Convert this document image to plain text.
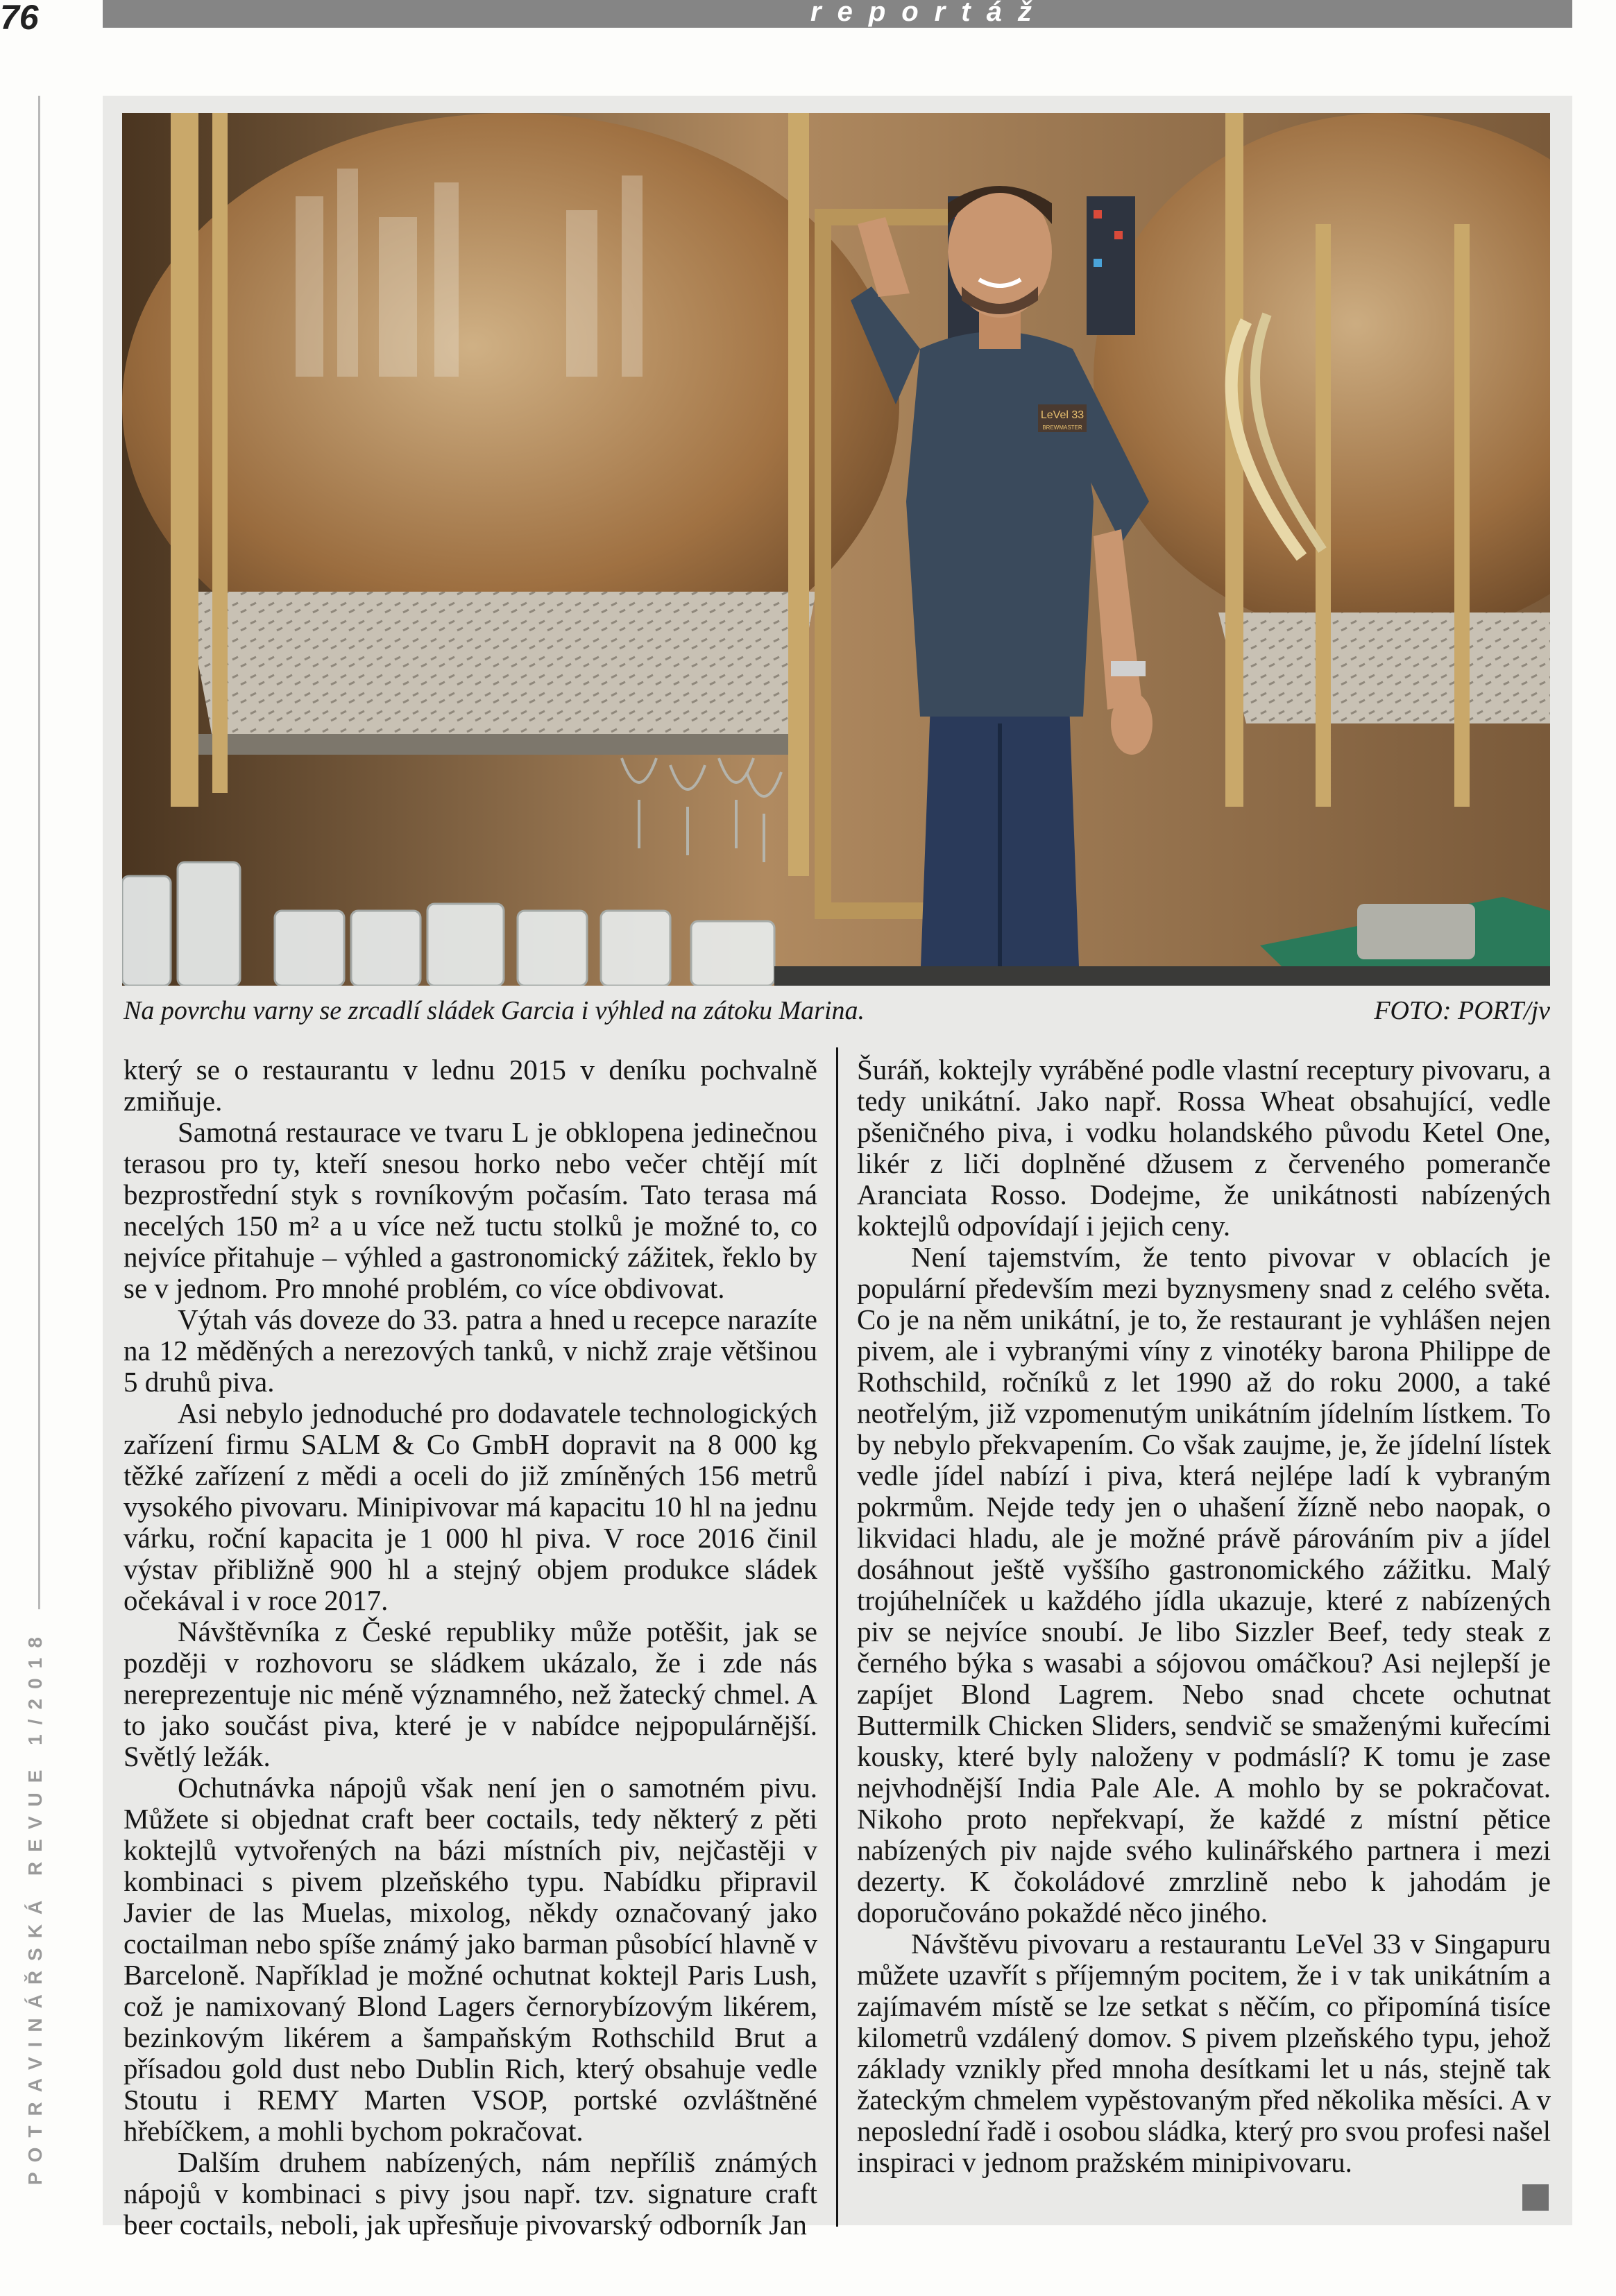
76	reportáž
POTRAVINÁŘSKÁ REVUE 1/2018
LeVel 33
BREWMASTER
Na povrchu varny se zrcadlí sládek Garcia i výhled na zátoku Marina.	FOTO: PORT/jv

který se o restaurantu v lednu 2015 v deníku pochvalně zmiňuje.

Samotná restaurace ve tvaru L je obklopena jedinečnou terasou pro ty, kteří snesou horko nebo večer chtějí mít bezprostřední styk s rovníkovým počasím. Tato terasa má necelých 150 m² a u více než tuctu stolků je možné to, co nejvíce přitahuje – výhled a gastronomický zážitek, řeklo by se v jednom. Pro mnohé problém, co více obdivovat.

Výtah vás doveze do 33. patra a hned u recepce narazíte na 12 měděných a nerezových tanků, v nichž zraje většinou 5 druhů piva.

Asi nebylo jednoduché pro dodavatele technologických zařízení firmu SALM & Co GmbH dopravit na 8 000 kg těžké zařízení z mědi a oceli do již zmíněných 156 metrů vysokého pivovaru. Minipivovar má kapacitu 10 hl na jednu várku, roční kapacita je 1 000 hl piva. V roce 2016 činil výstav přibližně 900 hl a stejný objem produkce sládek očekával i v roce 2017.

Návštěvníka z České republiky může potěšit, jak se později v rozhovoru se sládkem ukázalo, že i zde nás nereprezentuje nic méně významného, než žatecký chmel. A to jako součást piva, které je v nabídce nejpopulárnější. Světlý ležák.

Ochutnávka nápojů však není jen o samotném pivu. Můžete si objednat craft beer coctails, tedy některý z pěti koktejlů vytvořených na bázi místních piv, nejčastěji v kombinaci s pivem plzeňského typu. Nabídku připravil Javier de las Muelas, mixolog, někdy označovaný jako coctailman nebo spíše známý jako barman působící hlavně v Barceloně. Například je možné ochutnat koktejl Paris Lush, což je namixovaný Blond Lagers černorybízovým likérem, bezinkovým likérem a šampaňským Rothschild Brut a přísadou gold dust nebo Dublin Rich, který obsahuje vedle Stoutu i REMY Marten VSOP, portské ozvláštněné hřebíčkem, a mohli bychom pokračovat.

Dalším druhem nabízených, nám nepříliš známých nápojů v kombinaci s pivy jsou např. tzv. signature craft beer coctails, neboli, jak upřesňuje pivovarský odborník Jan

Šuráň, koktejly vyráběné podle vlastní receptury pivovaru, a tedy unikátní. Jako např. Rossa Wheat obsahující, vedle pšeničného piva, i vodku holandského původu Ketel One, likér z liči doplněné džusem z červeného pomeranče Aranciata Rosso. Dodejme, že unikátnosti nabízených koktejlů odpovídají i jejich ceny.

Není tajemstvím, že tento pivovar v oblacích je populární především mezi byznysmeny snad z celého světa. Co je na něm unikátní, je to, že restaurant je vyhlášen nejen pivem, ale i vybranými víny z vinotéky barona Philippe de Rothschild, ročníků z let 1990 až do roku 2000, a také neotřelým, již vzpomenutým unikátním jídelním lístkem. To by nebylo překvapením. Co však zaujme, je, že jídelní lístek vedle jídel nabízí i piva, která nejlépe ladí k vybraným pokrmům. Nejde tedy jen o uhašení žízně nebo naopak, o likvidaci hladu, ale je možné právě párováním piv a jídel dosáhnout ještě vyššího gastronomického zážitku. Malý trojúhelníček u každého jídla ukazuje, které z nabízených piv se nejvíce snoubí. Je libo Sizzler Beef, tedy steak z černého býka s wasabi a sójovou omáčkou? Asi nejlepší je zapíjet Blond Lagrem. Nebo snad chcete ochutnat Buttermilk Chicken Sliders, sendvič se smaženými kuřecími kousky, které byly naloženy v podmáslí? K tomu je zase nejvhodnější India Pale Ale. A mohlo by se pokračovat. Nikoho proto nepřekvapí, že každé z místní pětice nabízených piv najde svého kulinářského partnera i mezi dezerty. K čokoládové zmrzlině nebo k jahodám je doporučováno pokaždé něco jiného.

Návštěvu pivovaru a restaurantu LeVel 33 v Singapuru můžete uzavřít s příjemným pocitem, že i v tak unikátním a zajímavém místě se lze setkat s něčím, co připomíná tisíce kilometrů vzdálený domov. S pivem plzeňského typu, jehož základy vznikly před mnoha desítkami let u nás, stejně tak žateckým chmelem vypěstovaným před několika měsíci. A v neposlední řadě i osobou sládka, který pro svou profesi našel inspiraci v jednom pražském minipivovaru.
